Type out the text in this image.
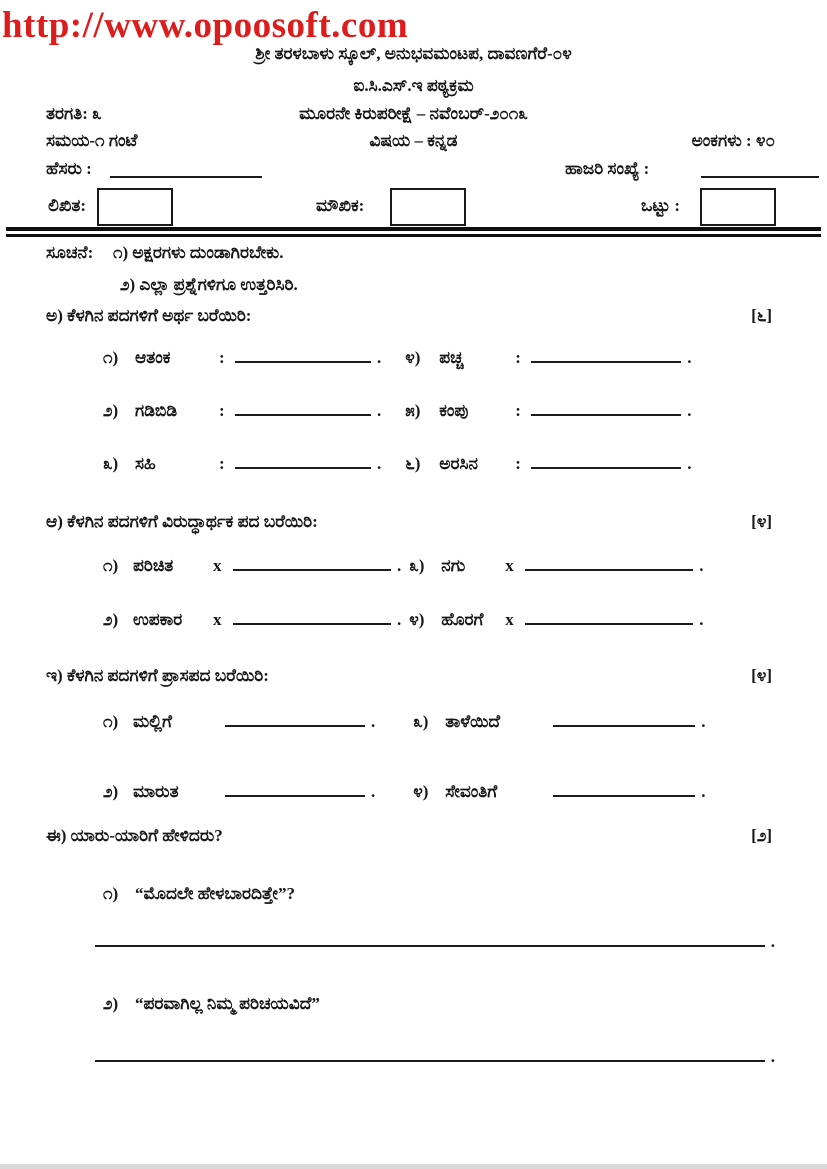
http://www.opoosoft.com
ಶ್ರೀ ತರಳಬಾಳು ಸ್ಕೂಲ್, ಅನುಭವಮಂಟಪ, ದಾವಣಗೆರೆ-೦೪
ಐ.ಸಿ.ಎಸ್.ಇ ಪಠ್ಯಕ್ರಮ
ತರಗತಿ: ೩	ಮೂರನೇ ಕಿರುಪರೀಕ್ಷೆ – ನವೆಂಬರ್-೨೦೧೩
ಸಮಯ-೧ ಗಂಟೆ	ವಿಷಯ – ಕನ್ನಡ	ಅಂಕಗಳು : ೪೦
ಹೆಸರು :	ಹಾಜರಿ ಸಂಖ್ಯೆ :
ಲಿಖಿತ:	ಮೌಖಿಕ:	ಒಟ್ಟು :
ಸೂಚನೆ: ೧) ಅಕ್ಷರಗಳು ದುಂಡಾಗಿರಬೇಕು.
೨) ಎಲ್ಲಾ ಪ್ರಶ್ನೆಗಳಿಗೂ ಉತ್ತರಿಸಿರಿ.
ಅ) ಕೆಳಗಿನ ಪದಗಳಿಗೆ ಅರ್ಥ ಬರೆಯಿರಿ:	[೬]
೧) ಆತಂಕ	:	. ೪)	ಪಚ್ಚ	:	.
೨) ಗಡಿಬಿಡಿ	:	. ೫)	ಕಂಪು	:	.
೩) ಸಹಿ	:	. ೬)	ಅರಸಿನ	:	.
ಆ) ಕೆಳಗಿನ ಪದಗಳಿಗೆ ವಿರುದ್ಧಾರ್ಥಕ ಪದ ಬರೆಯಿರಿ:	[೪]
೧) ಪರಿಚಿತ	x	. ೩) ನಗು	x	.
೨) ಉಪಕಾರ	x	. ೪) ಹೊರಗೆ	x	.
ಇ) ಕೆಳಗಿನ ಪದಗಳಿಗೆ ಪ್ರಾಸಪದ ಬರೆಯಿರಿ:	[೪]
೧) ಮಲ್ಲಿಗೆ	. ೩) ತಾಳೆಯಿದೆ	.
೨) ಮಾರುತ	. ೪) ಸೇವಂತಿಗೆ	.
ಈ) ಯಾರು-ಯಾರಿಗೆ ಹೇಳಿದರು?	[೨]
೧) “ಮೊದಲೇ ಹೇಳಬಾರದಿತ್ತೇ”?
.
೨) “ಪರವಾಗಿಲ್ಲ ನಿಮ್ಮ ಪರಿಚಯವಿದೆ”
.
